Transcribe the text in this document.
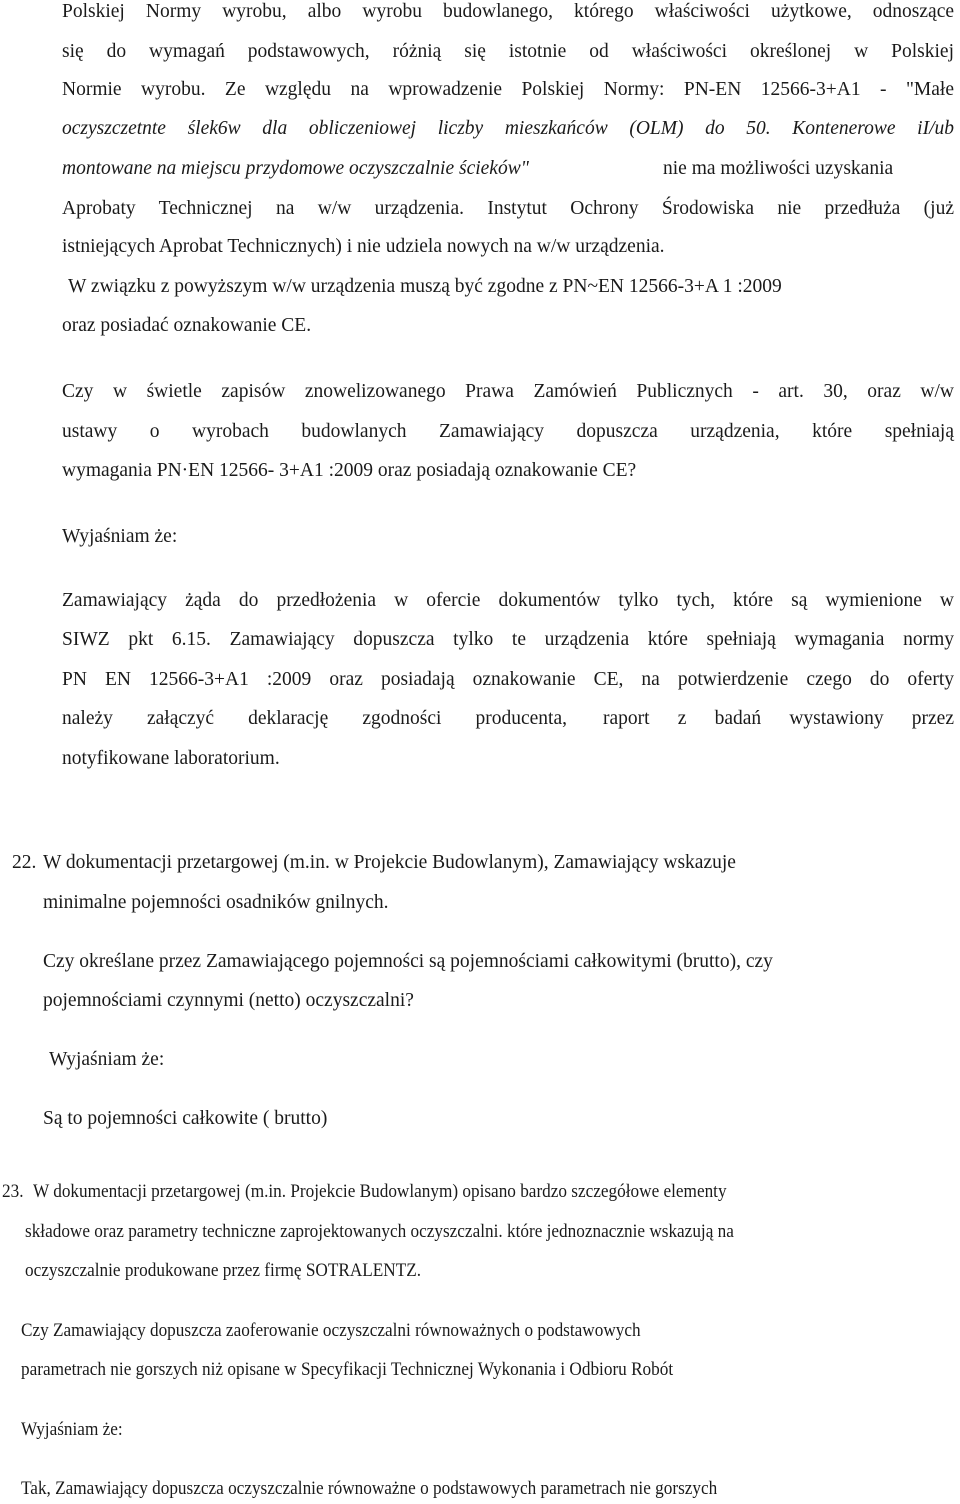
Polskiej Normy wyrobu, albo wyrobu budowlanego, którego właściwości użytkowe, odnoszące
się do wymagań podstawowych, różnią się istotnie od właściwości określonej w Polskiej
Normie wyrobu. Ze względu na wprowadzenie Polskiej Normy: PN-EN 12566-3+A1 - "Małe
oczyszczetnte ślek6w dla obliczeniowej liczby mieszkańców (OLM) do 50. Kontenerowe iI/ub
montowane na miejscu przydomowe oczyszczalnie ścieków"	nie ma możliwości uzyskania
Aprobaty Technicznej na w/w urządzenia. Instytut Ochrony Środowiska nie przedłuża (już
istniejących Aprobat Technicznych) i nie udziela nowych na w/w urządzenia.
W związku z powyższym w/w urządzenia muszą być zgodne z PN~EN 12566-3+A 1 :2009
oraz posiadać oznakowanie CE.
Czy w świetle zapisów znowelizowanego Prawa Zamówień Publicznych - art. 30, oraz w/w
ustawy o wyrobach budowlanych Zamawiający dopuszcza urządzenia, które spełniają
wymagania PN·EN 12566- 3+A1 :2009 oraz posiadają oznakowanie CE?
Wyjaśniam że:
Zamawiający żąda do przedłożenia w ofercie dokumentów tylko tych, które są wymienione w
SIWZ pkt 6.15. Zamawiający dopuszcza tylko te urządzenia które spełniają wymagania normy
PN EN 12566-3+A1 :2009 oraz posiadają oznakowanie CE, na potwierdzenie czego do oferty
należy załączyć deklarację zgodności producenta, raport z badań wystawiony przez
notyfikowane laboratorium.
22. W dokumentacji przetargowej (m.in. w Projekcie Budowlanym), Zamawiający wskazuje
minimalne pojemności osadników gnilnych.
Czy określane przez Zamawiającego pojemności są pojemnościami całkowitymi (brutto), czy
pojemnościami czynnymi (netto) oczyszczalni?
Wyjaśniam że:
Są to pojemności całkowite ( brutto)
23. W dokumentacji przetargowej (m.in. Projekcie Budowlanym) opisano bardzo szczegółowe elementy
składowe oraz parametry techniczne zaprojektowanych oczyszczalni. które jednoznacznie wskazują na
oczyszczalnie produkowane przez firmę SOTRALENTZ.
Czy Zamawiający dopuszcza zaoferowanie oczyszczalni równoważnych o podstawowych
parametrach nie gorszych niż opisane w Specyfikacji Technicznej Wykonania i Odbioru Robót
Wyjaśniam że:
Tak, Zamawiający dopuszcza oczyszczalnie równoważne o podstawowych parametrach nie gorszych
